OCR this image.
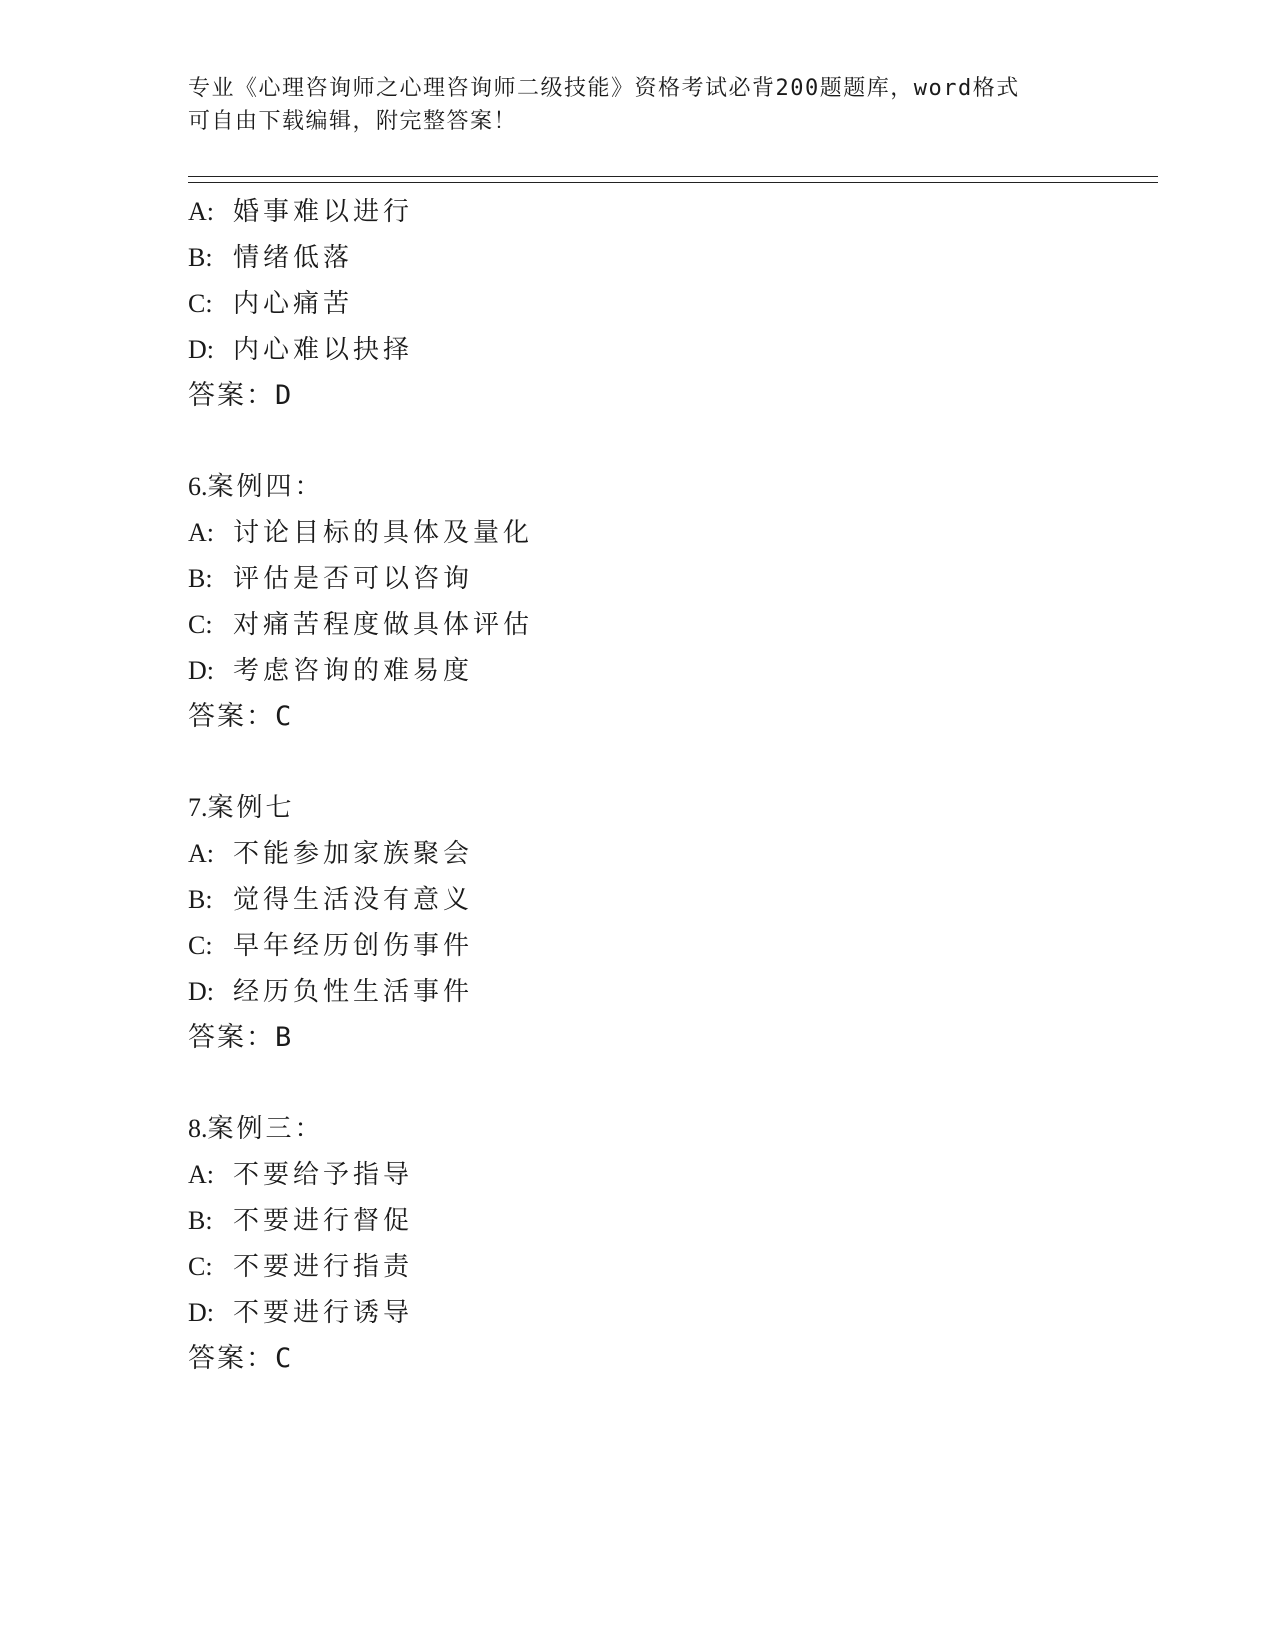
专业《心理咨询师之心理咨询师二级技能》资格考试必背200题题库，word格式
可自由下载编辑，附完整答案！
A: 婚事难以进行
B: 情绪低落
C: 内心痛苦
D: 内心难以抉择
答案：D
6.案例四：
A: 讨论目标的具体及量化
B: 评估是否可以咨询
C: 对痛苦程度做具体评估
D: 考虑咨询的难易度
答案：C
7.案例七
A: 不能参加家族聚会
B: 觉得生活没有意义
C: 早年经历创伤事件
D: 经历负性生活事件
答案：B
8.案例三：
A: 不要给予指导
B: 不要进行督促
C: 不要进行指责
D: 不要进行诱导
答案：C
